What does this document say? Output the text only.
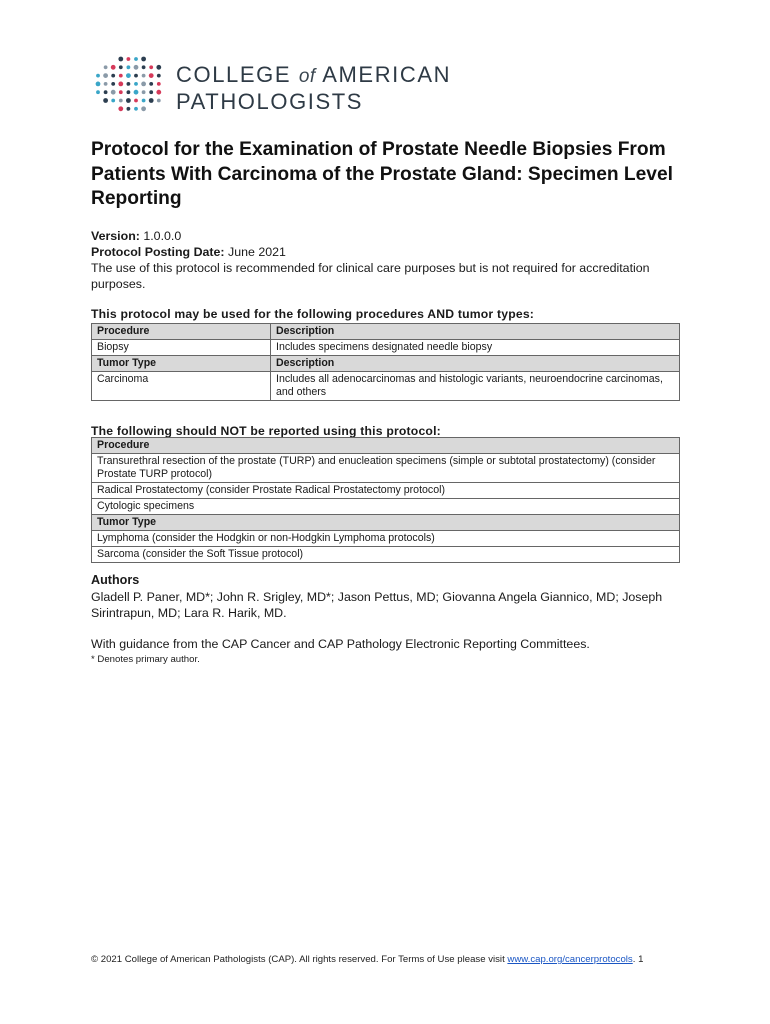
COLLEGE of AMERICAN
PATHOLOGISTS
Protocol for the Examination of Prostate Needle Biopsies From Patients With Carcinoma of the Prostate Gland: Specimen Level Reporting

Version: 1.0.0.0

Protocol Posting Date: June 2021

The use of this protocol is recommended for clinical care purposes but is not required for accreditation purposes.

This protocol may be used for the following procedures AND tumor types:

Procedure	Description
Biopsy	Includes specimens designated needle biopsy
Tumor Type	Description
Carcinoma	Includes all adenocarcinomas and histologic variants, neuroendocrine carcinomas, and others

The following should NOT be reported using this protocol:

Procedure
Transurethral resection of the prostate (TURP) and enucleation specimens (simple or subtotal prostatectomy) (consider Prostate TURP protocol)
Radical Prostatectomy (consider Prostate Radical Prostatectomy protocol)
Cytologic specimens
Tumor Type
Lymphoma (consider the Hodgkin or non-Hodgkin Lymphoma protocols)
Sarcoma (consider the Soft Tissue protocol)

Authors

Gladell P. Paner, MD*; John R. Srigley, MD*; Jason Pettus, MD; Giovanna Angela Giannico, MD; Joseph Sirintrapun, MD; Lara R. Harik, MD.

With guidance from the CAP Cancer and CAP Pathology Electronic Reporting Committees.

* Denotes primary author.

© 2021 College of American Pathologists (CAP). All rights reserved. For Terms of Use please visit www.cap.org/cancerprotocols. 1
